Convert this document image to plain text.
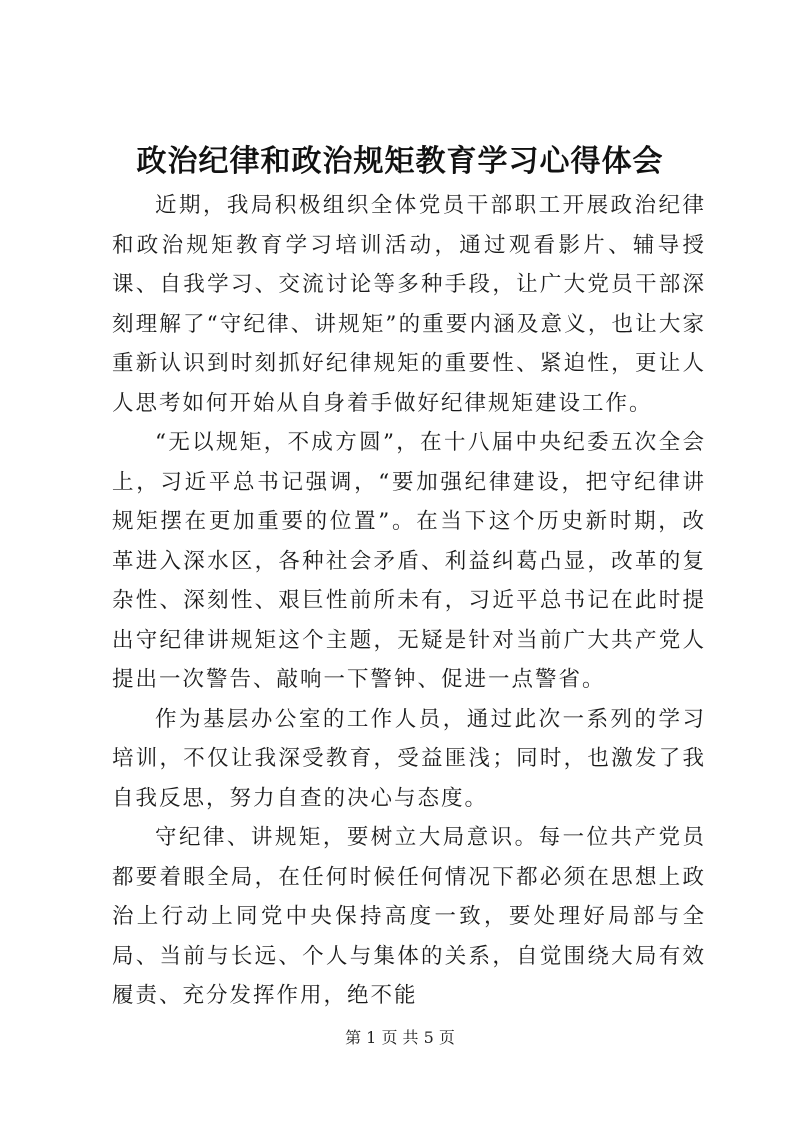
政治纪律和政治规矩教育学习心得体会

近期，我局积极组织全体党员干部职工开展政治纪律和政治规矩教育学习培训活动，通过观看影片、辅导授课、自我学习、交流讨论等多种手段，让广大党员干部深刻理解了“守纪律、讲规矩”的重要内涵及意义，也让大家重新认识到时刻抓好纪律规矩的重要性、紧迫性，更让人人思考如何开始从自身着手做好纪律规矩建设工作。

“无以规矩，不成方圆”，在十八届中央纪委五次全会上，习近平总书记强调，“要加强纪律建设，把守纪律讲规矩摆在更加重要的位置”。在当下这个历史新时期，改革进入深水区，各种社会矛盾、利益纠葛凸显，改革的复杂性、深刻性、艰巨性前所未有，习近平总书记在此时提出守纪律讲规矩这个主题，无疑是针对当前广大共产党人提出一次警告、敲响一下警钟、促进一点警省。

作为基层办公室的工作人员，通过此次一系列的学习培训，不仅让我深受教育，受益匪浅；同时，也激发了我自我反思，努力自查的决心与态度。

守纪律、讲规矩，要树立大局意识。每一位共产党员都要着眼全局，在任何时候任何情况下都必须在思想上政治上行动上同党中央保持高度一致，要处理好局部与全局、当前与长远、个人与集体的关系，自觉围绕大局有效履责、充分发挥作用，绝不能

第 1 页 共 5 页
